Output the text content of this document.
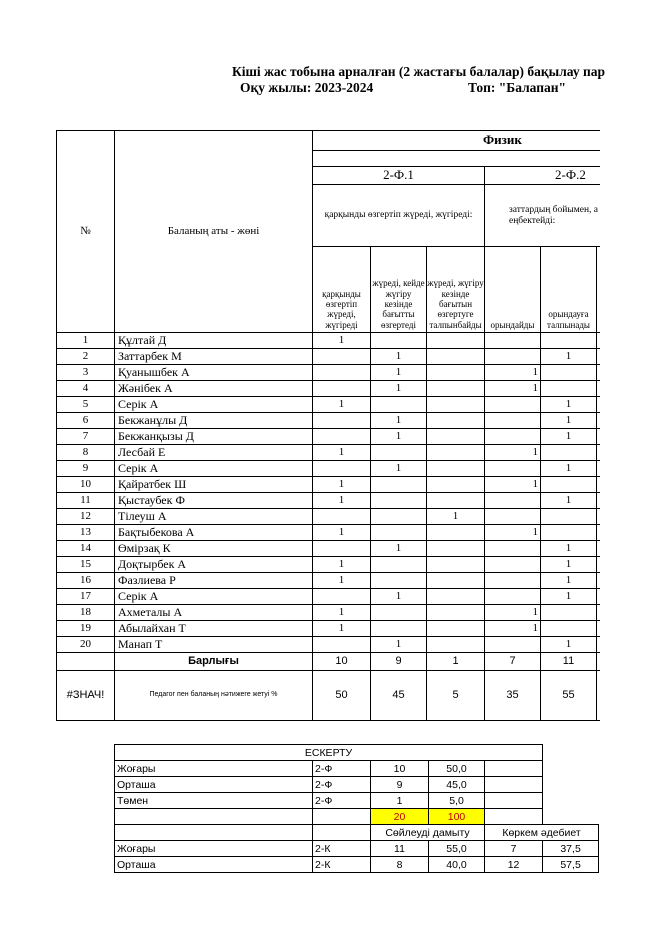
Кіші жас тобына арналған (2 жастағы балалар) бақылау пар
Оқу жылы: 2023-2024	Топ: "Балапан"
№	Баланың аты - жөні	Физик					

		2-Ф.1			2-Ф.2		
		қарқынды өзгертіп жүреді, жүгіреді:			заттардың бойымен, а еңбектейді:		
		қарқынды өзгертіп жүреді, жүгіреді	жүреді, кейде жүгіру кезінде бағытты өзгертеді	жүреді, жүгіру кезінде бағытын өзгертуге талпынбайды	орындайды	орындауға талпынады	
1	Құлтай Д	1					
2	Заттарбек М		1			1	
3	Қуанышбек А		1		1		
4	Жәнібек А		1		1		
5	Серік А	1				1	
6	Бекжанұлы Д		1			1	
7	Бекжанқызы Д		1			1	
8	Лесбай Е	1			1		
9	Серік А		1			1	
10	Қайратбек Ш	1			1		
11	Қыстаубек Ф	1				1	
12	Тілеуш А			1			
13	Бақтыбекова А	1			1		
14	Өмірзақ К		1			1	
15	Доқтырбек А	1				1	
16	Фазлиева Р	1				1	
17	Серік А		1			1	
18	Ахметалы А	1			1		
19	Абылайхан Т	1			1		
20	Манап Т		1			1	
	Барлығы	10	9	1	7	11	
#ЗНАЧ!	Педагог пен баланың нәтижеге жетуі %	50	45	5	35	55	
ЕСКЕРТУ						
Жоғары	2-Ф	10	50,0			
Орташа	2-Ф	9	45,0			
Төмен	2-Ф	1	5,0			
		20	100			
		Сөйлеуді дамыту		Көркем әдебиет		
Жоғары	2-К	11	55,0	7	37,5	
Орташа	2-К	8	40,0	12	57,5	
